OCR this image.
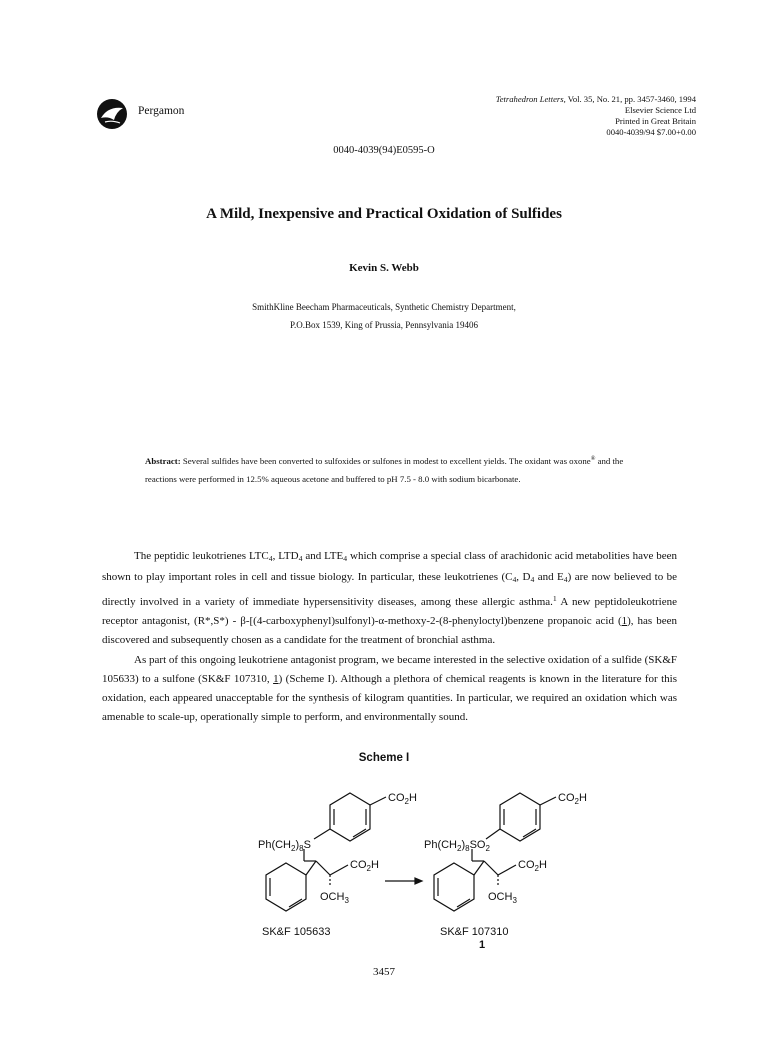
Pergamon
Tetrahedron Letters, Vol. 35, No. 21, pp. 3457-3460, 1994
Elsevier Science Ltd
Printed in Great Britain
0040-4039/94 $7.00+0.00
0040-4039(94)E0595-O
A Mild, Inexpensive and Practical Oxidation of Sulfides
Kevin S. Webb
SmithKline Beecham Pharmaceuticals, Synthetic Chemistry Department,
P.O.Box 1539, King of Prussia, Pennsylvania 19406
Abstract: Several sulfides have been converted to sulfoxides or sulfones in modest to excellent yields. The oxidant was oxone® and the reactions were performed in 12.5% aqueous acetone and buffered to pH 7.5 - 8.0 with sodium bicarbonate.

The peptidic leukotrienes $LTC_4$, $LTD_4$ and $LTE_4$ which comprise a special class of arachidonic acid metabolities have been shown to play important roles in cell and tissue biology. In particular, these leukotrienes ($C_4$, $D_4$ and $E_4$) are now believed to be directly involved in a variety of immediate hypersensitivity diseases, among these allergic asthma.$^1$ A new peptidoleukotriene receptor antagonist, (R*,S*) - β-[(4-carboxyphenyl)sulfonyl)-α-methoxy-2-(8-phenyloctyl)benzene propanoic acid (1), has been discovered and subsequently chosen as a candidate for the treatment of bronchial asthma.

As part of this ongoing leukotriene antagonist program, we became interested in the selective oxidation of a sulfide (SK&F 105633) to a sulfone (SK&F 107310, 1) (Scheme I). Although a plethora of chemical reagents is known in the literature for this oxidation, each appeared unacceptable for the synthesis of kilogram quantities. In particular, we required an oxidation which was amenable to scale-up, operationally simple to perform, and environmentally sound.

Scheme I
$CO_2H$
$Ph(CH_2)_8S$
$CO_2H$
$OCH_3$
SK&F 105633
$CO_2H$
$Ph(CH_2)_8SO_2$
$CO_2H$
$OCH_3$
SK&F 107310
1
3457
